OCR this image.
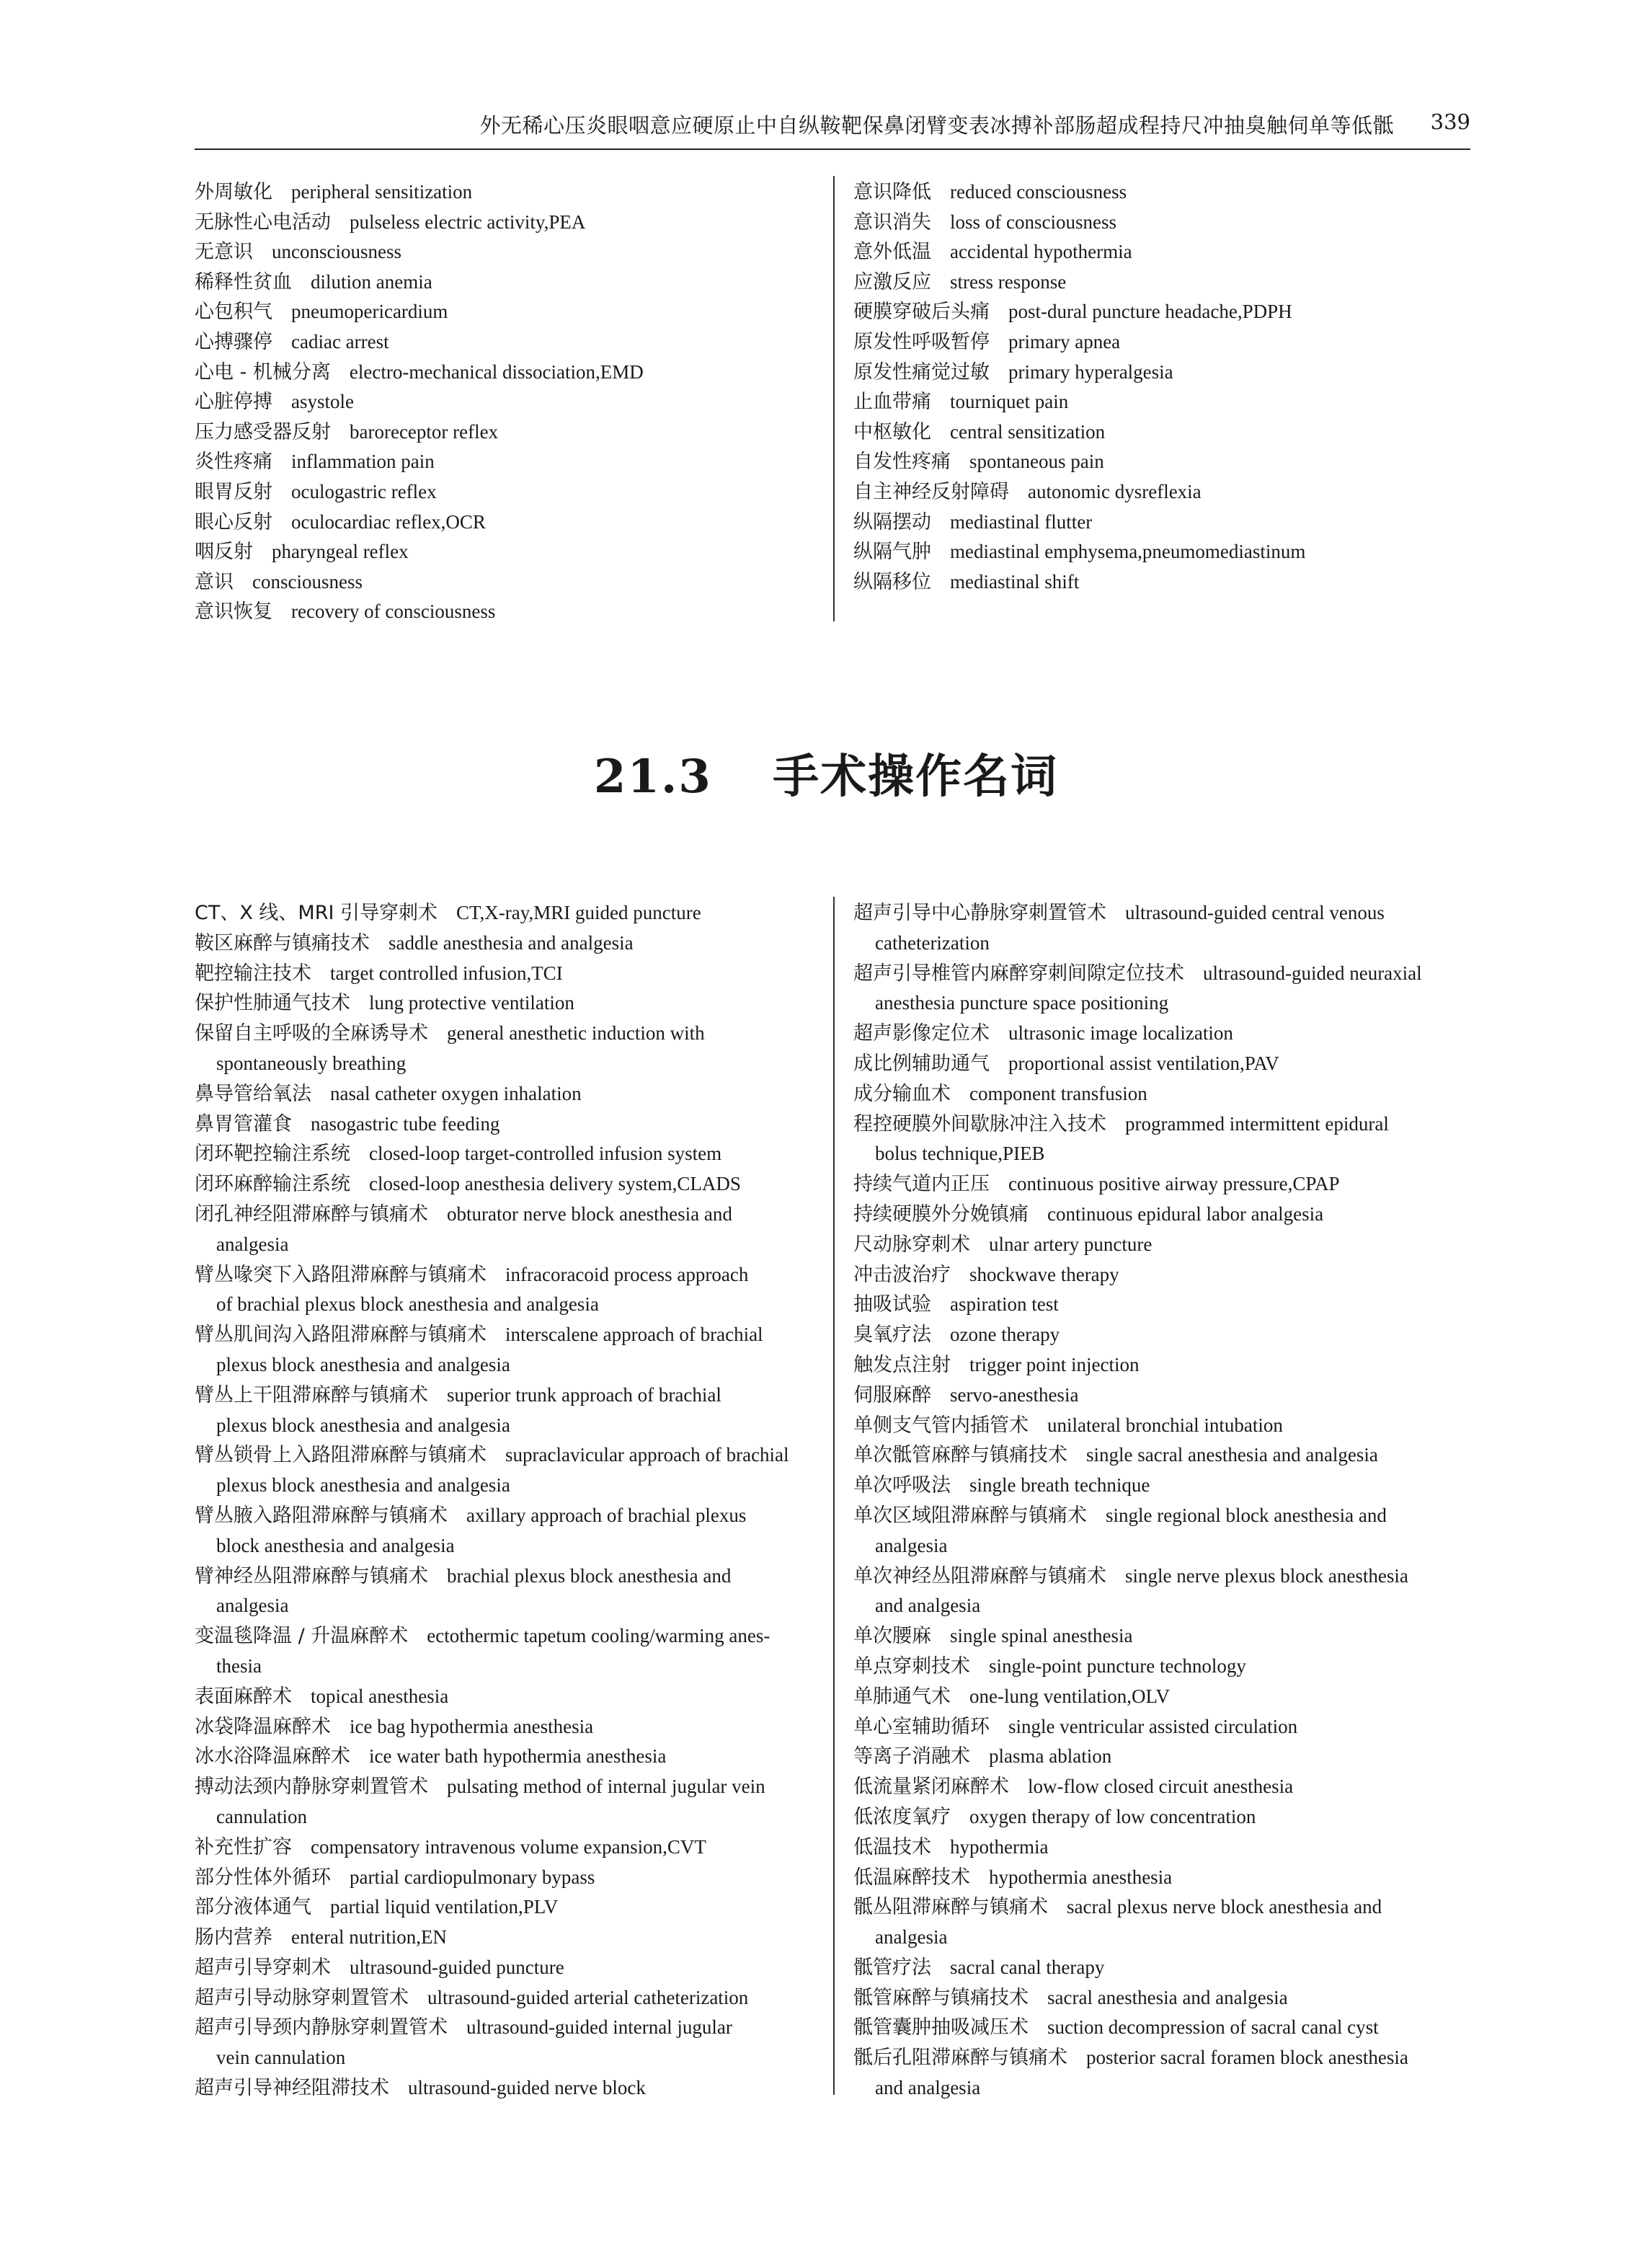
外无稀心压炎眼咽意应硬原止中自纵鞍靶保鼻闭臂变表冰搏补部肠超成程持尺冲抽臭触伺单等低骶 339
外周敏化 peripheral sensitization
无脉性心电活动 pulseless electric activity,PEA
无意识 unconsciousness
稀释性贫血 dilution anemia
心包积气 pneumopericardium
心搏骤停 cadiac arrest
心电 - 机械分离 electro-mechanical dissociation,EMD
心脏停搏 asystole
压力感受器反射 baroreceptor reflex
炎性疼痛 inflammation pain
眼胃反射 oculogastric reflex
眼心反射 oculocardiac reflex,OCR
咽反射 pharyngeal reflex
意识 consciousness
意识恢复 recovery of consciousness
意识降低 reduced consciousness
意识消失 loss of consciousness
意外低温 accidental hypothermia
应激反应 stress response
硬膜穿破后头痛 post-dural puncture headache,PDPH
原发性呼吸暂停 primary apnea
原发性痛觉过敏 primary hyperalgesia
止血带痛 tourniquet pain
中枢敏化 central sensitization
自发性疼痛 spontaneous pain
自主神经反射障碍 autonomic dysreflexia
纵隔摆动 mediastinal flutter
纵隔气肿 mediastinal emphysema,pneumomediastinum
纵隔移位 mediastinal shift
21.3 手术操作名词
CT、X 线、MRI 引导穿刺术 CT,X-ray,MRI guided puncture
鞍区麻醉与镇痛技术 saddle anesthesia and analgesia
靶控输注技术 target controlled infusion,TCI
保护性肺通气技术 lung protective ventilation
保留自主呼吸的全麻诱导术 general anesthetic induction with
spontaneously breathing
鼻导管给氧法 nasal catheter oxygen inhalation
鼻胃管灌食 nasogastric tube feeding
闭环靶控输注系统 closed-loop target-controlled infusion system
闭环麻醉输注系统 closed-loop anesthesia delivery system,CLADS
闭孔神经阻滞麻醉与镇痛术 obturator nerve block anesthesia and
analgesia
臂丛喙突下入路阻滞麻醉与镇痛术 infracoracoid process approach
of brachial plexus block anesthesia and analgesia
臂丛肌间沟入路阻滞麻醉与镇痛术 interscalene approach of brachial
plexus block anesthesia and analgesia
臂丛上干阻滞麻醉与镇痛术 superior trunk approach of brachial
plexus block anesthesia and analgesia
臂丛锁骨上入路阻滞麻醉与镇痛术 supraclavicular approach of brachial
plexus block anesthesia and analgesia
臂丛腋入路阻滞麻醉与镇痛术 axillary approach of brachial plexus
block anesthesia and analgesia
臂神经丛阻滞麻醉与镇痛术 brachial plexus block anesthesia and
analgesia
变温毯降温 / 升温麻醉术 ectothermic tapetum cooling/warming anes-
thesia
表面麻醉术 topical anesthesia
冰袋降温麻醉术 ice bag hypothermia anesthesia
冰水浴降温麻醉术 ice water bath hypothermia anesthesia
搏动法颈内静脉穿刺置管术 pulsating method of internal jugular vein
cannulation
补充性扩容 compensatory intravenous volume expansion,CVT
部分性体外循环 partial cardiopulmonary bypass
部分液体通气 partial liquid ventilation,PLV
肠内营养 enteral nutrition,EN
超声引导穿刺术 ultrasound-guided puncture
超声引导动脉穿刺置管术 ultrasound-guided arterial catheterization
超声引导颈内静脉穿刺置管术 ultrasound-guided internal jugular
vein cannulation
超声引导神经阻滞技术 ultrasound-guided nerve block
超声引导中心静脉穿刺置管术 ultrasound-guided central venous
catheterization
超声引导椎管内麻醉穿刺间隙定位技术 ultrasound-guided neuraxial
anesthesia puncture space positioning
超声影像定位术 ultrasonic image localization
成比例辅助通气 proportional assist ventilation,PAV
成分输血术 component transfusion
程控硬膜外间歇脉冲注入技术 programmed intermittent epidural
bolus technique,PIEB
持续气道内正压 continuous positive airway pressure,CPAP
持续硬膜外分娩镇痛 continuous epidural labor analgesia
尺动脉穿刺术 ulnar artery puncture
冲击波治疗 shockwave therapy
抽吸试验 aspiration test
臭氧疗法 ozone therapy
触发点注射 trigger point injection
伺服麻醉 servo-anesthesia
单侧支气管内插管术 unilateral bronchial intubation
单次骶管麻醉与镇痛技术 single sacral anesthesia and analgesia
单次呼吸法 single breath technique
单次区域阻滞麻醉与镇痛术 single regional block anesthesia and
analgesia
单次神经丛阻滞麻醉与镇痛术 single nerve plexus block anesthesia
and analgesia
单次腰麻 single spinal anesthesia
单点穿刺技术 single-point puncture technology
单肺通气术 one-lung ventilation,OLV
单心室辅助循环 single ventricular assisted circulation
等离子消融术 plasma ablation
低流量紧闭麻醉术 low-flow closed circuit anesthesia
低浓度氧疗 oxygen therapy of low concentration
低温技术 hypothermia
低温麻醉技术 hypothermia anesthesia
骶丛阻滞麻醉与镇痛术 sacral plexus nerve block anesthesia and
analgesia
骶管疗法 sacral canal therapy
骶管麻醉与镇痛技术 sacral anesthesia and analgesia
骶管囊肿抽吸减压术 suction decompression of sacral canal cyst
骶后孔阻滞麻醉与镇痛术 posterior sacral foramen block anesthesia
and analgesia
